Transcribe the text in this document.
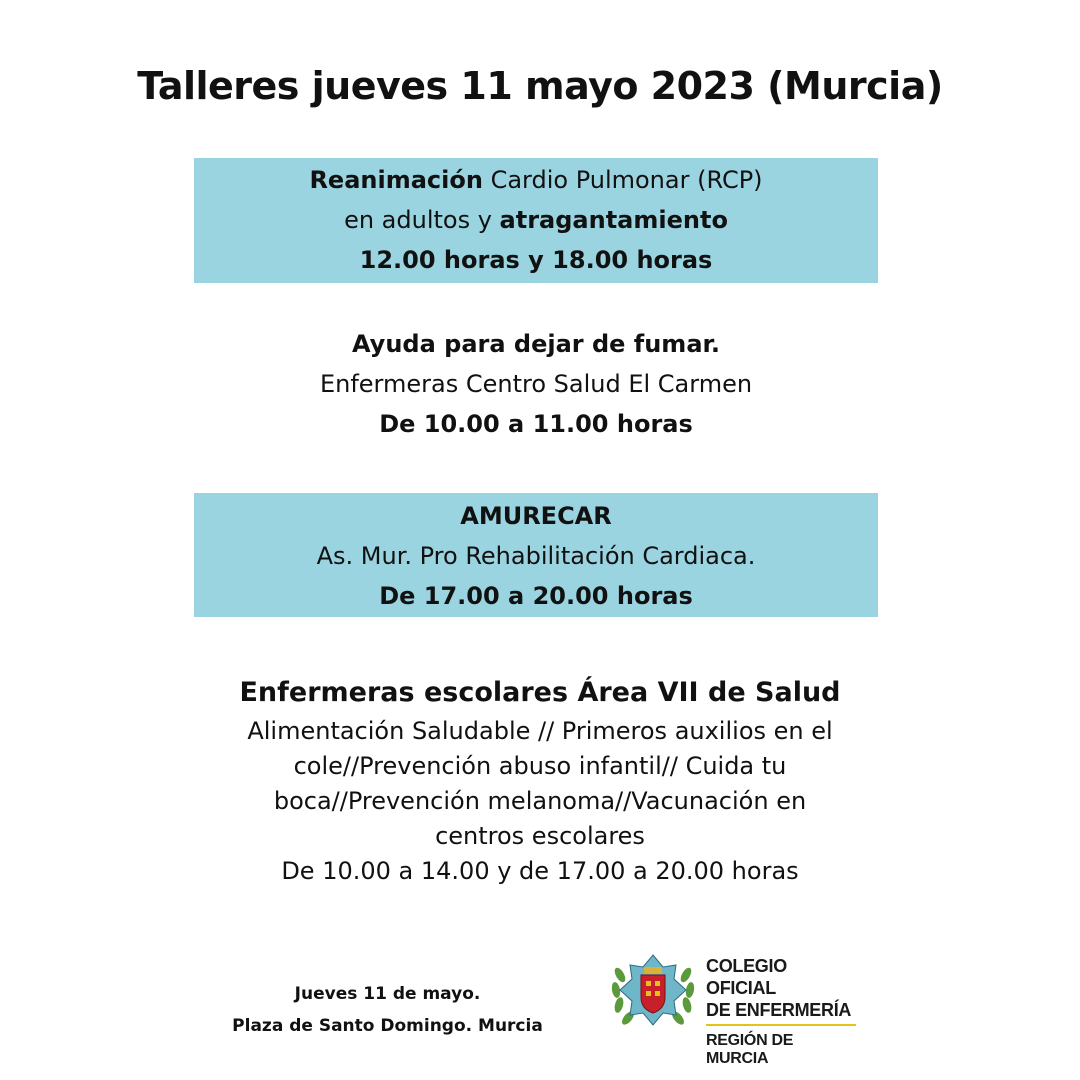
Talleres jueves 11 mayo 2023 (Murcia)
Reanimación Cardio Pulmonar (RCP)
en adultos y atragantamiento
12.00 horas y 18.00 horas
Ayuda para dejar de fumar.
Enfermeras Centro Salud El Carmen
De 10.00 a 11.00 horas
AMURECAR
As. Mur. Pro Rehabilitación Cardiaca.
De 17.00 a 20.00 horas
Enfermeras escolares Área VII de Salud
Alimentación Saludable // Primeros auxilios en el
cole//Prevención abuso infantil// Cuida tu
boca//Prevención melanoma//Vacunación en
centros escolares
De 10.00 a 14.00 y de 17.00 a 20.00 horas
Jueves 11 de mayo.
Plaza de Santo Domingo. Murcia
COLEGIO OFICIAL
DE ENFERMERÍA
REGIÓN DE MURCIA
